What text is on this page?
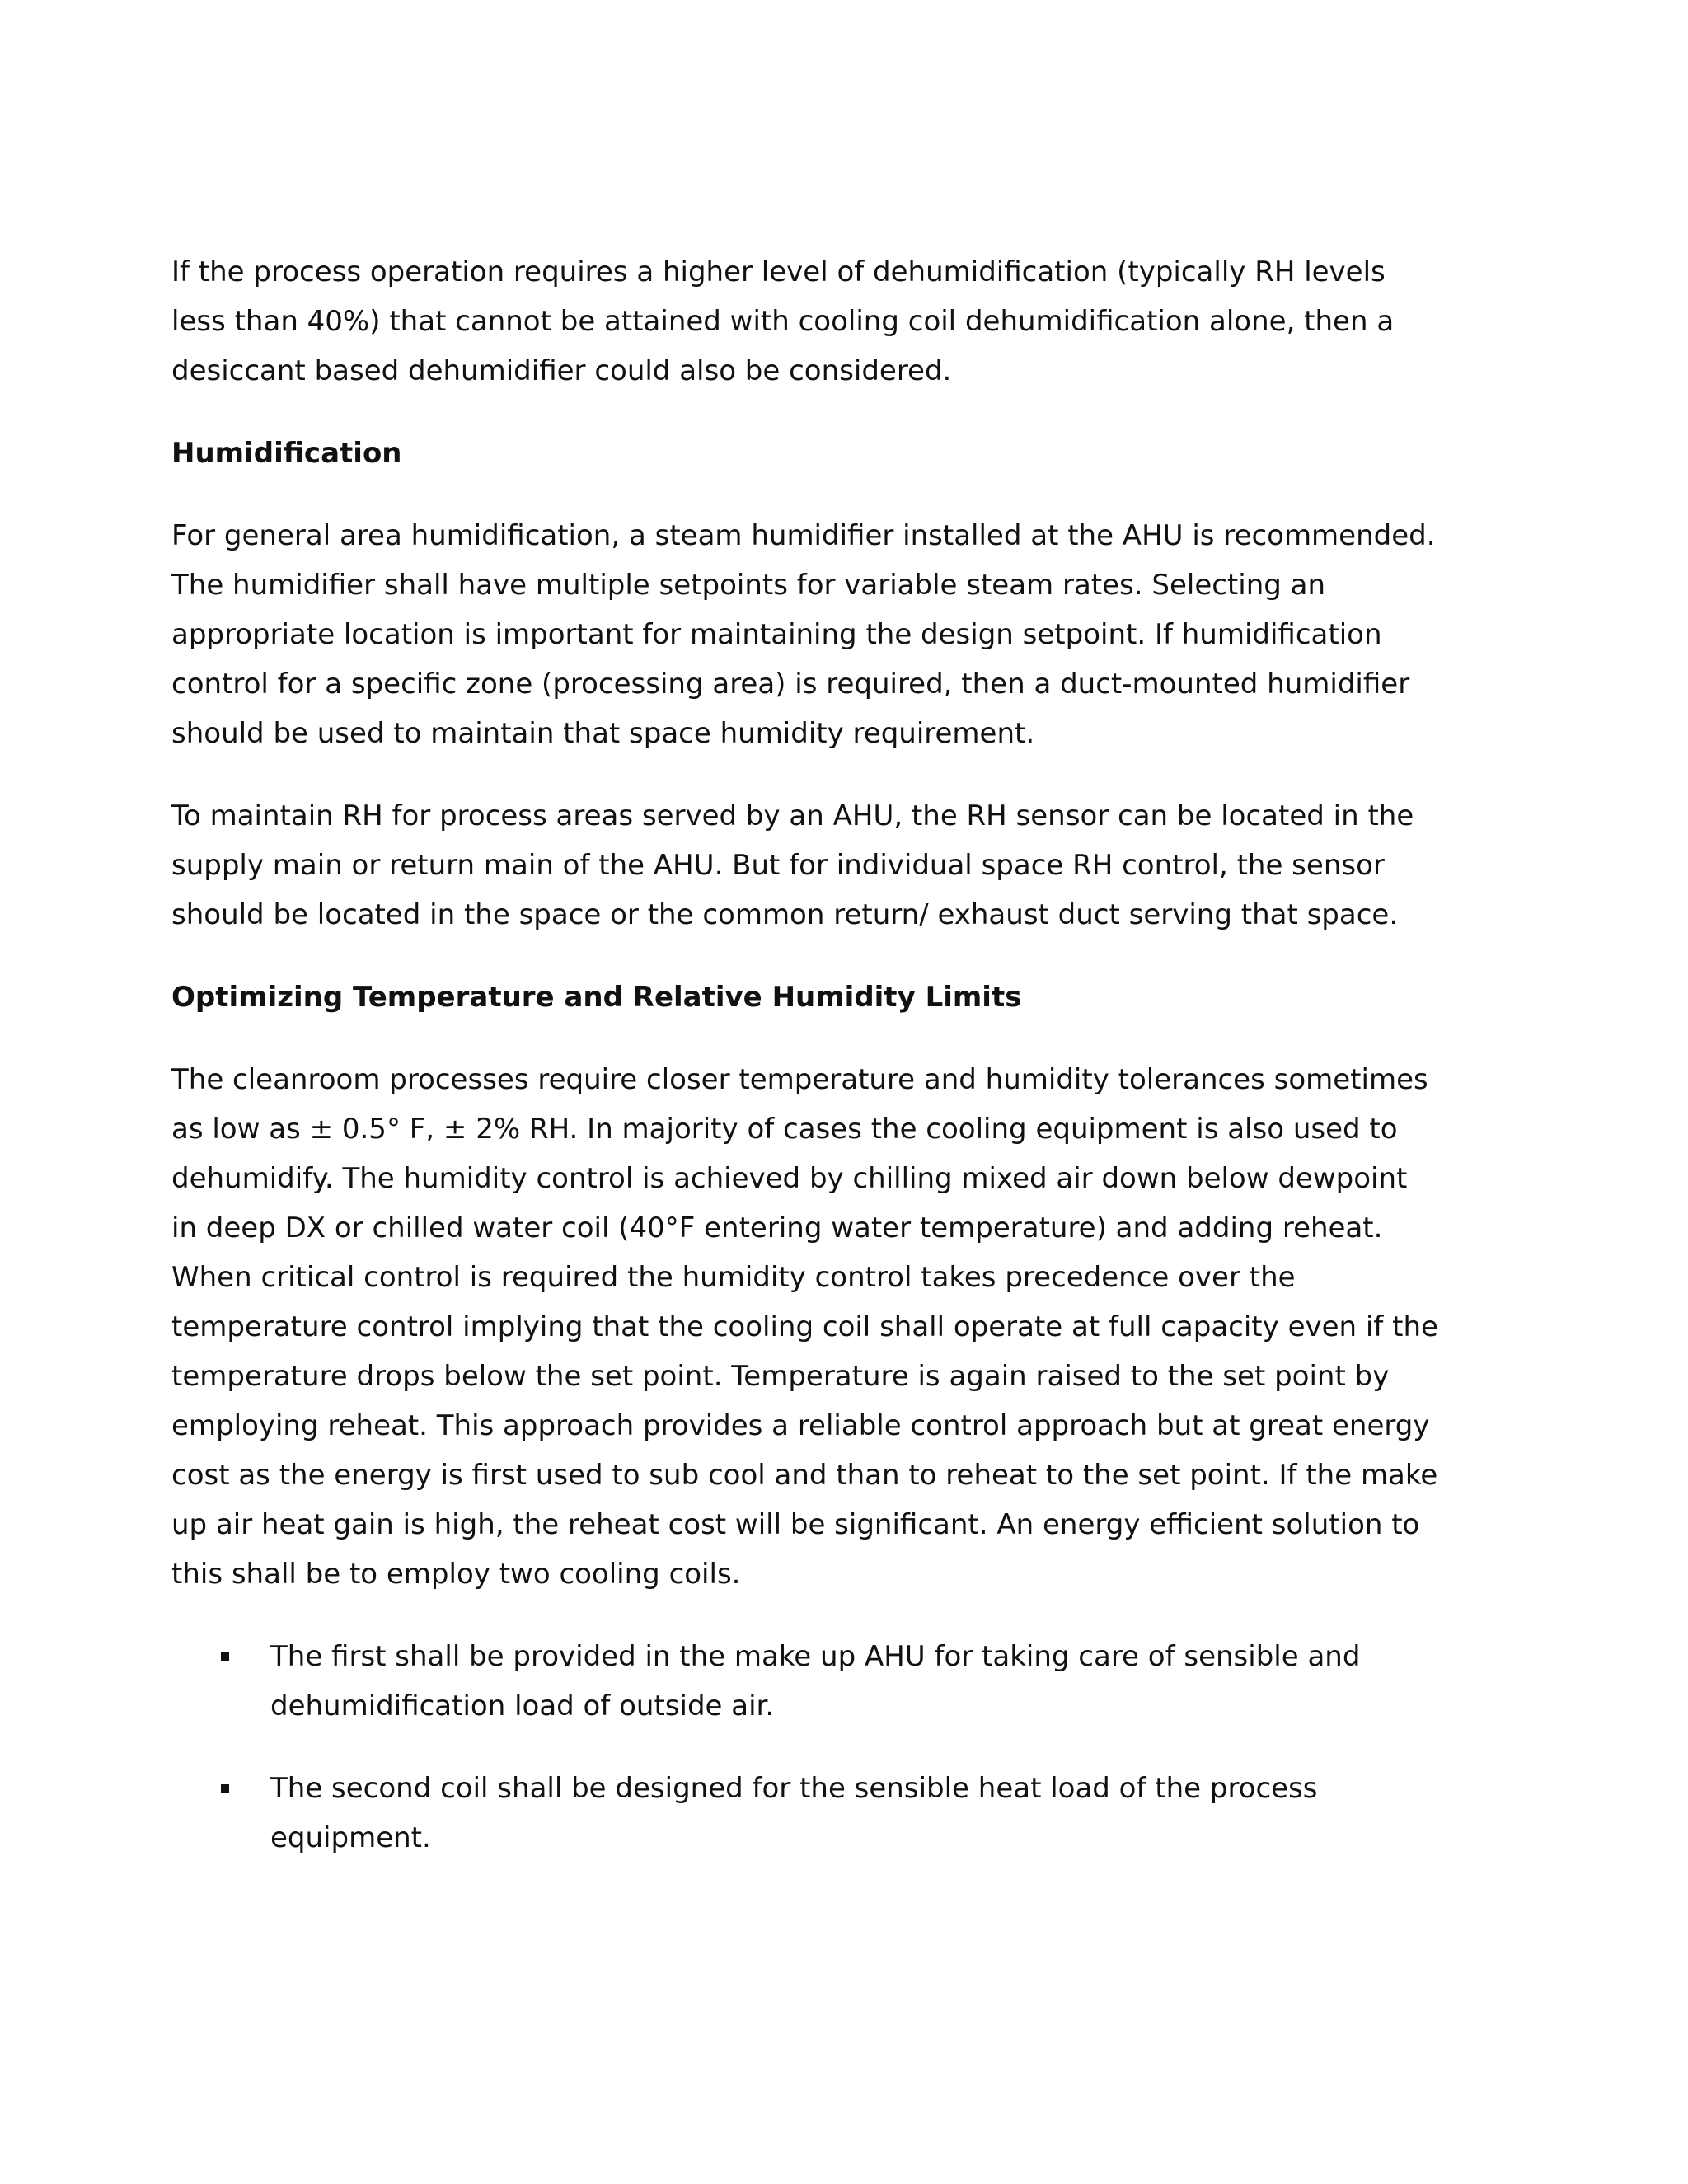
If the process operation requires a higher level of dehumidification (typically RH levels less than 40%) that cannot be attained with cooling coil dehumidification alone, then a desiccant based dehumidifier could also be considered.

Humidification

For general area humidification, a steam humidifier installed at the AHU is recommended. The humidifier shall have multiple setpoints for variable steam rates. Selecting an appropriate location is important for maintaining the design setpoint. If humidification control for a specific zone (processing area) is required, then a duct-mounted humidifier should be used to maintain that space humidity requirement.

To maintain RH for process areas served by an AHU, the RH sensor can be located in the supply main or return main of the AHU. But for individual space RH control, the sensor should be located in the space or the common return/ exhaust duct serving that space.

Optimizing Temperature and Relative Humidity Limits

The cleanroom processes require closer temperature and humidity tolerances sometimes as low as ± 0.5° F, ± 2% RH. In majority of cases the cooling equipment is also used to dehumidify. The humidity control is achieved by chilling mixed air down below dewpoint in deep DX or chilled water coil (40°F entering water temperature) and adding reheat. When critical control is required the humidity control takes precedence over the temperature control implying that the cooling coil shall operate at full capacity even if the temperature drops below the set point. Temperature is again raised to the set point by employing reheat. This approach provides a reliable control approach but at great energy cost as the energy is first used to sub cool and than to reheat to the set point. If the make up air heat gain is high, the reheat cost will be significant. An energy efficient solution to this shall be to employ two cooling coils.

The first shall be provided in the make up AHU for taking care of sensible and dehumidification load of outside air.
The second coil shall be designed for the sensible heat load of the process equipment.
